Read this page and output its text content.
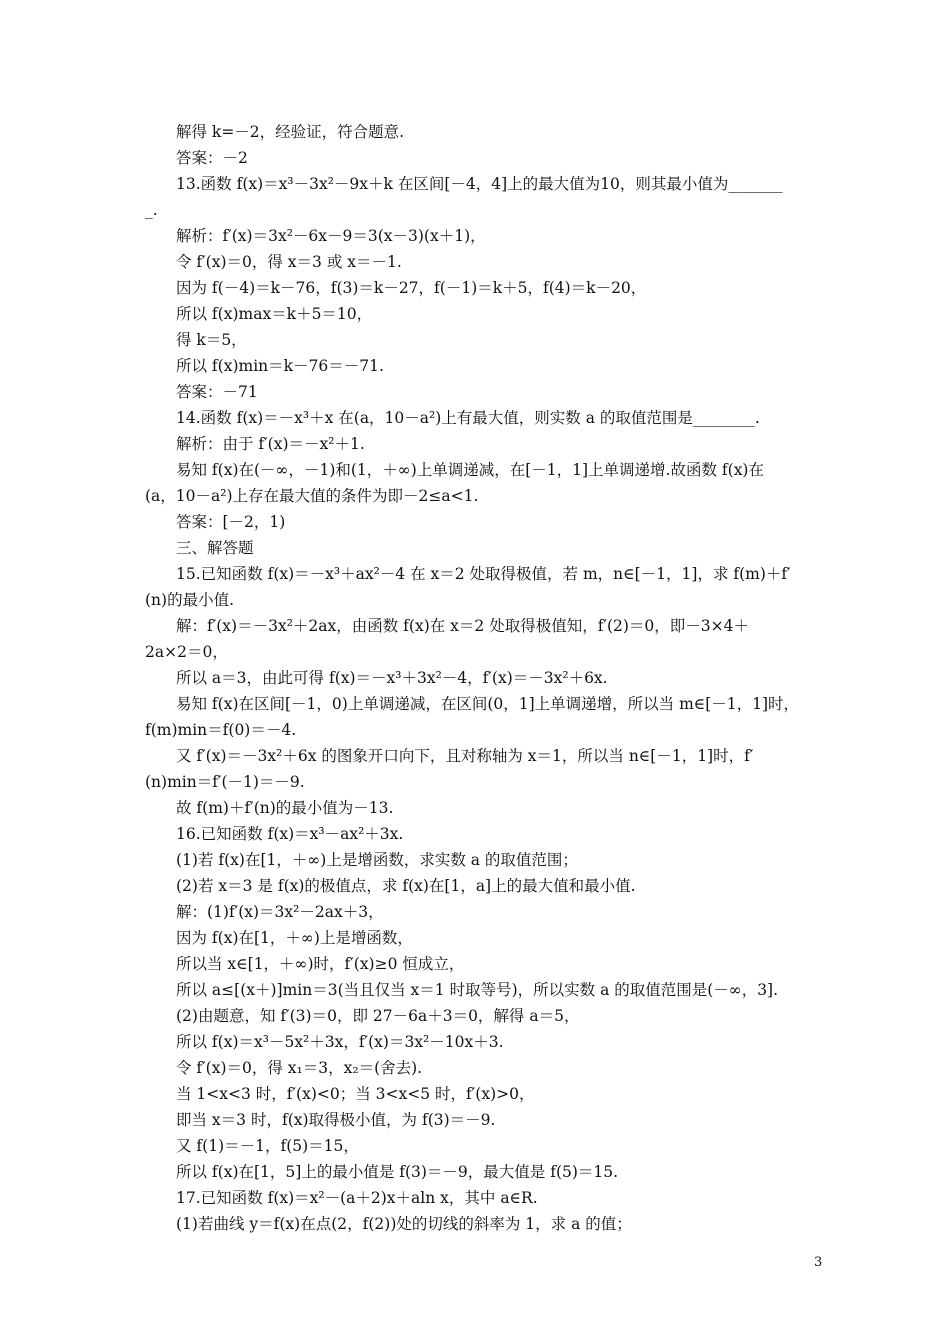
解得 k=－2，经验证，符合题意.
答案：－2
13.函数 f(x)＝x³－3x²－9x＋k 在区间[－4，4]上的最大值为10，则其最小值为_______
_.
解析：f′(x)＝3x²－6x－9＝3(x－3)(x＋1)，
令 f′(x)＝0，得 x＝3 或 x＝－1.
因为 f(－4)＝k－76，f(3)＝k－27，f(－1)＝k＋5，f(4)＝k－20，
所以 f(x)max＝k＋5＝10，
得 k＝5，
所以 f(x)min＝k－76＝－71.
答案：－71
14.函数 f(x)＝－x³＋x 在(a，10－a²)上有最大值，则实数 a 的取值范围是________.
解析：由于 f′(x)＝－x²＋1.
易知 f(x)在(－∞，－1)和(1，＋∞)上单调递减，在[－1，1]上单调递增.故函数 f(x)在
(a，10－a²)上存在最大值的条件为即－2≤a<1.
答案：[－2，1)
三、解答题
15.已知函数 f(x)＝－x³＋ax²－4 在 x＝2 处取得极值，若 m，n∈[－1，1]，求 f(m)＋f′
(n)的最小值.
解：f′(x)＝－3x²＋2ax，由函数 f(x)在 x＝2 处取得极值知，f′(2)＝0，即－3×4＋
2a×2＝0，
所以 a＝3，由此可得 f(x)＝－x³＋3x²－4，f′(x)＝－3x²＋6x.
易知 f(x)在区间[－1，0)上单调递减，在区间(0，1]上单调递增，所以当 m∈[－1，1]时，
f(m)min＝f(0)＝－4.
又 f′(x)＝－3x²＋6x 的图象开口向下，且对称轴为 x＝1，所以当 n∈[－1，1]时，f′
(n)min＝f′(－1)＝－9.
故 f(m)＋f′(n)的最小值为－13.
16.已知函数 f(x)＝x³－ax²＋3x.
(1)若 f(x)在[1，＋∞)上是增函数，求实数 a 的取值范围；
(2)若 x＝3 是 f(x)的极值点，求 f(x)在[1，a]上的最大值和最小值.
解：(1)f′(x)＝3x²－2ax＋3，
因为 f(x)在[1，＋∞)上是增函数，
所以当 x∈[1，＋∞)时，f′(x)≥0 恒成立，
所以 a≤[(x＋)]min＝3(当且仅当 x＝1 时取等号)，所以实数 a 的取值范围是(－∞，3].
(2)由题意，知 f′(3)＝0，即 27－6a＋3＝0，解得 a＝5，
所以 f(x)＝x³－5x²＋3x，f′(x)＝3x²－10x＋3.
令 f′(x)＝0，得 x₁＝3，x₂＝(舍去).
当 1<x<3 时，f′(x)<0；当 3<x<5 时，f′(x)>0，
即当 x＝3 时，f(x)取得极小值，为 f(3)＝－9.
又 f(1)＝－1，f(5)＝15，
所以 f(x)在[1，5]上的最小值是 f(3)＝－9，最大值是 f(5)＝15.
17.已知函数 f(x)＝x²－(a＋2)x＋aln x，其中 a∈R.
(1)若曲线 y＝f(x)在点(2，f(2))处的切线的斜率为 1，求 a 的值；
3
